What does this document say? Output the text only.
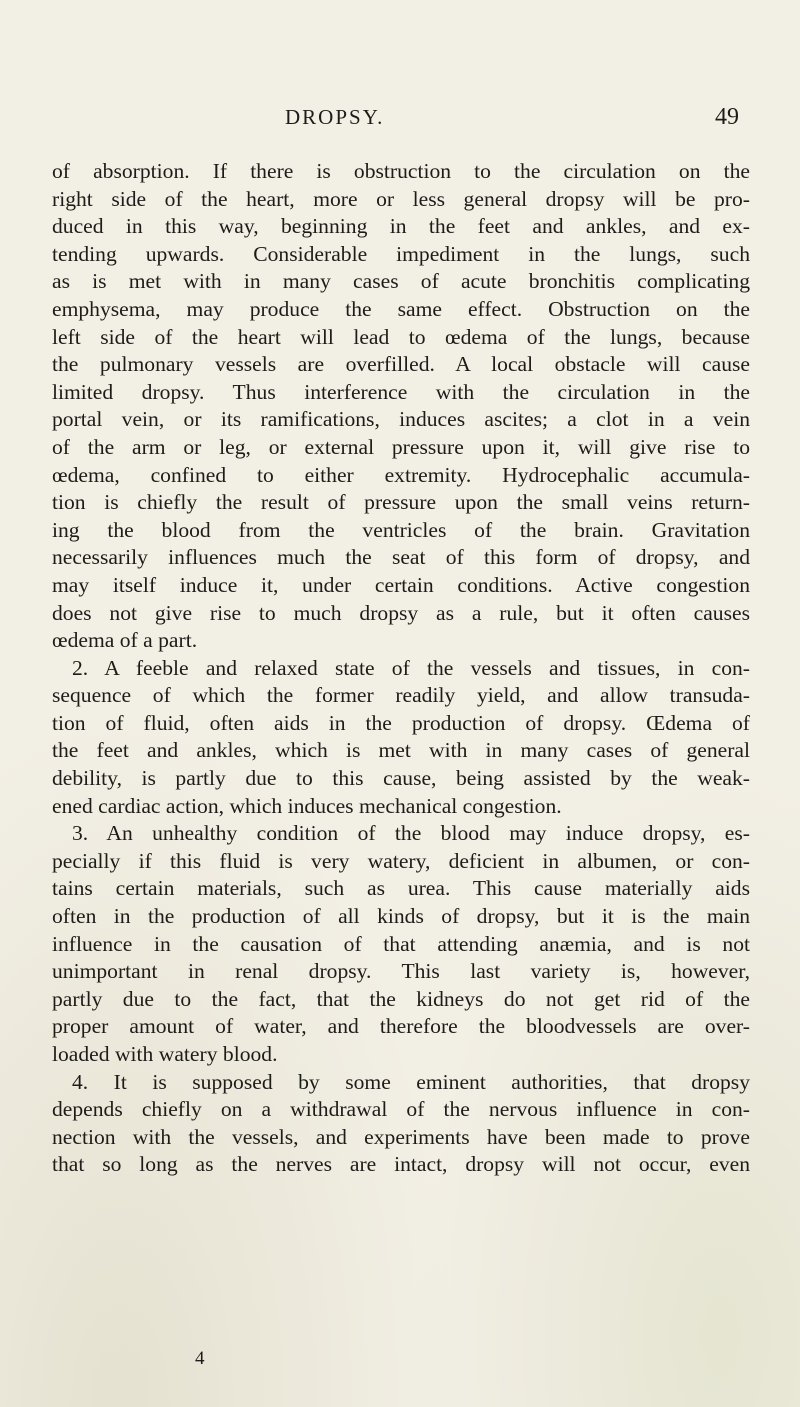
DROPSY.	49
of absorption. If there is obstruction to the circulation on the
right side of the heart, more or less general dropsy will be pro-
duced in this way, beginning in the feet and ankles, and ex-
tending upwards. Considerable impediment in the lungs, such
as is met with in many cases of acute bronchitis complicating
emphysema, may produce the same effect. Obstruction on the
left side of the heart will lead to œdema of the lungs, because
the pulmonary vessels are overfilled. A local obstacle will cause
limited dropsy. Thus interference with the circulation in the
portal vein, or its ramifications, induces ascites; a clot in a vein
of the arm or leg, or external pressure upon it, will give rise to
œdema, confined to either extremity. Hydrocephalic accumula-
tion is chiefly the result of pressure upon the small veins return-
ing the blood from the ventricles of the brain. Gravitation
necessarily influences much the seat of this form of dropsy, and
may itself induce it, under certain conditions. Active congestion
does not give rise to much dropsy as a rule, but it often causes
œdema of a part.
2. A feeble and relaxed state of the vessels and tissues, in con-
sequence of which the former readily yield, and allow transuda-
tion of fluid, often aids in the production of dropsy. Œdema of
the feet and ankles, which is met with in many cases of general
debility, is partly due to this cause, being assisted by the weak-
ened cardiac action, which induces mechanical congestion.
3. An unhealthy condition of the blood may induce dropsy, es-
pecially if this fluid is very watery, deficient in albumen, or con-
tains certain materials, such as urea. This cause materially aids
often in the production of all kinds of dropsy, but it is the main
influence in the causation of that attending anæmia, and is not
unimportant in renal dropsy. This last variety is, however,
partly due to the fact, that the kidneys do not get rid of the
proper amount of water, and therefore the bloodvessels are over-
loaded with watery blood.
4. It is supposed by some eminent authorities, that dropsy
depends chiefly on a withdrawal of the nervous influence in con-
nection with the vessels, and experiments have been made to prove
that so long as the nerves are intact, dropsy will not occur, even
4
